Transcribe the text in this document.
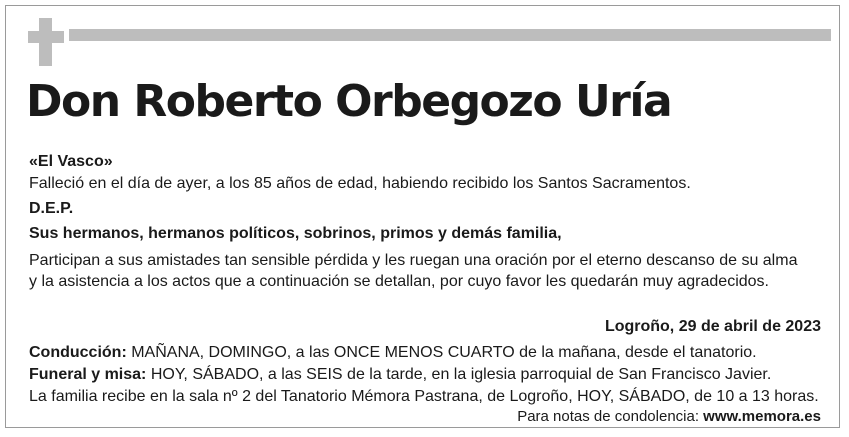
Don Roberto Orbegozo Uría
«El Vasco»
Falleció en el día de ayer, a los 85 años de edad, habiendo recibido los Santos Sacramentos.
D.E.P.
Sus hermanos, hermanos políticos, sobrinos, primos y demás familia,

Participan a sus amistades tan sensible pérdida y les ruegan una oración por el eterno descanso de su alma
y la asistencia a los actos que a continuación se detallan, por cuyo favor les quedarán muy agradecidos.

Logroño, 29 de abril de 2023
Conducción: MAÑANA, DOMINGO, a las ONCE MENOS CUARTO de la mañana, desde el tanatorio.
Funeral y misa: HOY, SÁBADO, a las SEIS de la tarde, en la iglesia parroquial de San Francisco Javier.
La familia recibe en la sala nº 2 del Tanatorio Mémora Pastrana, de Logroño, HOY, SÁBADO, de 10 a 13 horas.
Para notas de condolencia: www.memora.es
